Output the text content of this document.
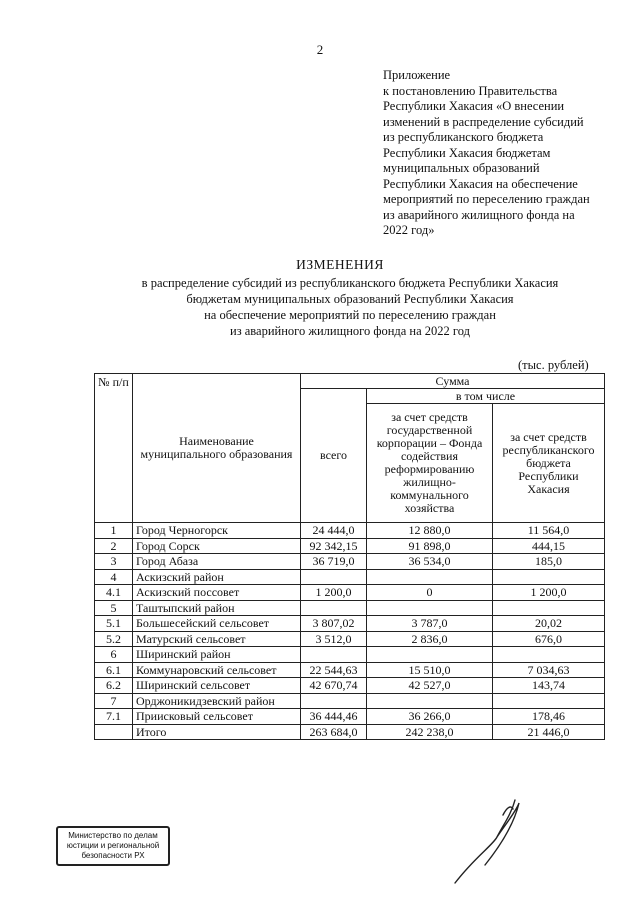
2
Приложение
к постановлению Правительства
Республики Хакасия «О внесении
изменений в распределение субсидий
из республиканского бюджета
Республики Хакасия бюджетам
муниципальных образований
Республики Хакасия на обеспечение
мероприятий по переселению граждан
из аварийного жилищного фонда на
2022 год»
ИЗМЕНЕНИЯ
в распределение субсидий из республиканского бюджета Республики Хакасия
бюджетам муниципальных образований Республики Хакасия
на обеспечение мероприятий по переселению граждан
из аварийного жилищного фонда на 2022 год
(тыс. рублей)
№ п/п	Наименование муниципального образования	Сумма		
		всего	в том числе	
			за счет средств государственной корпорации – Фонда содействия реформированию жилищно-коммунального хозяйства	за счет средств республиканского бюджета Республики Хакасия
1	Город Черногорск	24 444,0	12 880,0	11 564,0
2	Город Сорск	92 342,15	91 898,0	444,15
3	Город Абаза	36 719,0	36 534,0	185,0
4	Аскизский район			
4.1	Аскизский поссовет	1 200,0	0	1 200,0
5	Таштыпский район			
5.1	Большесейский сельсовет	3 807,02	3 787,0	20,02
5.2	Матурский сельсовет	3 512,0	2 836,0	676,0
6	Ширинский район			
6.1	Коммунаровский сельсовет	22 544,63	15 510,0	7 034,63
6.2	Ширинский сельсовет	42 670,74	42 527,0	143,74
7	Орджоникидзевский район			
7.1	Приисковый сельсовет	36 444,46	36 266,0	178,46
	Итого	263 684,0	242 238,0	21 446,0
Министерство по делам
юстиции и региональной
безопасности РХ
